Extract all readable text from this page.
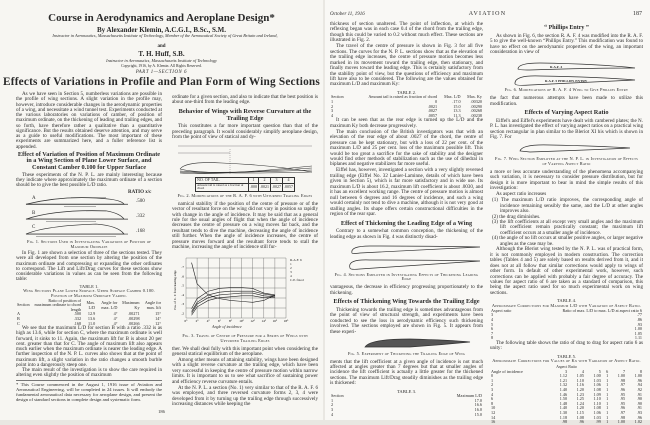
Course in Aerodynamics and Aeroplane Design*
By Alexander Klemin, A.C.G.I., B.Sc., S.M.
Instructor in Aeronautics, Massachusetts Institute of Technology, Member of the Aeronautical Society of Great Britain and Ireland,
and
T. H. Huff, S.B.
Instructor in Aeronautics, Massachusetts Institute of Technology
Copyright, 1916, by A. Klemin. All Rights Reserved.
PART 1—SECTION 6
Effects of Variations in Profile and Plan Form of Wing Sections

As we have seen in Section 5, numberless variations are possible in the profile of wing sections. A slight variation in the profile may, however, introduce considerable changes in the aerodynamic properties of a wing, and necessitate a wind tunnel test. Experiments conducted at the various laboratories on variations of camber, of position of maximum ordinate, on the thickening of leading and trailing edges, and so forth, have therefore rather a qualitative than a quantitative significance. But the results obtained deserve attention, and may serve as a guide to useful modifications. The most important of these experiments are summarized here, and a fuller reference list is appended.

Effect of Variation of Position of Maximum Ordinate in a Wing Section of Plane Lower Surface, and Constant Camber 0.100 for Upper Surface

These experiments of the N. P. L. are mainly interesting because they indicate where approximately the maximum ordinate of a section should be to give the best possible L/D ratio.

RATIO x/c
A
B
C
.500
.332
.168
Fig. 1. Sections Used in Investigating Variations of Position of Maximum Ordinate

In Fig. 1 are shown a selection of three of the sections tested. They were all developed from one section by altering the position of the maximum ordinate and compressing or expanding the other ordinates to correspond. The Lift and Lift/Drag curves for these sections show considerable variations in values as can be seen from the following table:

TABLE 1.
Wing Sections Plane Lower Surface. Upper Surface Camber 0.100. Position of Maximum Ordinate Varied.
Section	Ratio of position of maximum ordinate to chord length	Max. L/D	Angle for max. L/D	Maximum Ky	Angle for max. lift
A	.500	12.9	4°	.00271	15°
B	.332	13.6	4°	.00298	14°
C	.168	11.0	4°	.00266	12°

We see that the maximum L/D for section B with a ratio .332 is as high as 13.6, while for section C, where the maximum ordinate is well forward, it sinks to 11. Again, the maximum lift for B is about 20 per cent. greater than that for C. The angle of maximum lift also appears much earlier when the maximum ordinate is nearer the leading edge. A further inspection of the N. P. L. curves also shows that at the point of maximum lift, a slight variation in the ratio changes a smooth burble point into a dangerously steep one.

The main result of the investigation is to show the care required in altering even slightly the position of maximum

* This Course commenced in the August 1, 1916 issue of Aviation and Aeronautical Engineering, will be completed in 24 issues. It will embody the fundamental aeronautical data necessary for aeroplane design, and present the design of standard sections in complete design and systematic form.

ordinate for a given section, and also to indicate that the best position is about one-third from the leading edge.

Behavior of Wings with Reverse Curvature at the Trailing Edge

This constitutes a far more important question than that of the preceding paragraph. It would considerably simplify aeroplane design, from the point of view of statical and dy-

NO. OF TAIL	1	2	3	4
Amount tail is raised as a fraction of chord	.000	.0021	.0027	.0057
Fig. 2. Modifications of the R. A. F. 6 with Upturned Trailing Edges

namical stability if the position of the centre of pressure or of the vector of resultant force on the wing did not vary in position so rapidly with change in the angle of incidence. It may be said that as a general rule for the usual angles of flight that when the angle of incidence decreases the centre of pressure on a wing moves far back, and the resultant tends to dive the machine, decreasing the angle of incidence still further. When the angle of incidence increases, the centre of pressure moves forward and the resultant force tends to stall the machine, increasing the angle of incidence still fur-

0° 2° 4° 6° 8° 10° 12° 14° 16° 18°
.2
.3
.4
.5
.6
.7
Pos. of C. P. from leading edge
Angle of incidence
R.A.F. 6
1
2
3
4
C.P. fixed
Fig. 3. Travel of Centre of Pressure for a Series of Wings with Upturned Trailing Edges

ther. We shall deal fully with this important point when considering the general statical equilibrium of the aeroplane.

Among other means of attaining stability, wings have been designed with a slight reverse curvature at the trailing edge, which have been very successful in keeping the centre of pressure motion within narrow limits. It is important to us to see what sacrifice of sustaining power and efficiency reverse curvature entails.

At the N. P. L. a section (No. 1) very similar to that of the R. A. F. 6 was employed, and three reversed curvature forms 2, 3, 4 were developed from it by turning up the trailing edge through successively increasing distances while keeping the

186
October 11, 1916	AVIATION	187

thickness of section unaltered. The point of inflection, at which the reflexing began was in each case 0.4 of the chord from the trailing edge, though this could be varied to 0.2 without much effect. These sections are illustrated in Fig. 2.

The travel of the centre of pressure is shown in Fig. 3 for all five sections. The curves for the N. P. L. sections show that as the elevation of the trailing edge increases, the centre of pressure motion becomes less marked in its movement toward the trailing edge, then stationary, and finally moves toward the leading edge. This is certainly satisfactory from the stability point of view, but the questions of efficiency and maximum lift have also to be considered. The following are the values obtained for maximum L/D and maximum Ky:

TABLE 2.
Section	Amount tail is raised as fraction of chord	Max. L/D	Max. Ky
1	0	.17.0	.00320
2	.0021	15.0	.00290
3	.0027	13.3	.00268
4	.0057	11.3	.00238

It can be seen that as the rear edge is turned up the L/D and the maximum Ky both decrease progressively.

The main conclusion of the British investigators was that with an elevation of the rear edge of about .0027 of the chord, the centre of pressure can be kept stationary, but with a loss of 22 per cent. of the maximum L/D and 25 per cent. loss of the maximum possible lift. This would be too great a sacrifice for the sake of stability and the designer would find other methods of stabilization such as the use of dihedral in biplanes and negative stabilizers far more useful.

Eiffel has, however, investigated a section with a very slightly reversed trailing edge (Eiffel No. 32 Lanier-Laminne, details of which have been given in Section 5), which is far more satisfactory and in wide use. Its maximum L/D is about 16.2, maximum lift coefficient is about .0030, and it has an excellent working range. The centre of pressure motion is almost null between 6 degrees and 16 degrees of incidence, and such a wing would certainly not tend to dive a machine, although it is not very good at stalling angles. Its shape offers certain constructional difficulties in the region of the rear spar.

Effect of Thickening the Leading Edge of a Wing

Contrary to a somewhat common conception, the thickening of the leading edge as shown in Fig. 4 was distinctly disad-

Fig. 4. Sections Employed in Investigating Effects of Thickening Leading Edge

vantageous, the decrease in efficiency progressing proportionately to the thickening.

Effects of Thickening Wing Towards the Trailing Edge

Thickening towards the trailing edge is sometimes advantageous from the point of view of structural strength, and experiments have been conducted to see the loss in aerodynamic efficiency such thickening involved. The sections employed are shown in Fig. 5. It appears from these experi-

Fig. 5. Experiment of Thickening the Trailing Edge of Wing

ments that the lift coefficient at a given angle of incidence is not much affected at angles greater than 7 degrees but that at smaller angles of incidence the lift coefficient is actually a little greater for the thickened sections. The maximum Lift/Drag steadily diminishes as the trailing edge is thickened:

TABLE 3.
Section	Maximum L/D
1	17.0
2	16.6
3	16.0
4	15.0
“ Phillips Entry ”

As shown in Fig. 6, the section R. A. F. 4 was modified into the R. A. F. 5 to give the well-known “Phillips Entry.” This modification was found to have no effect on the aerodynamic properties of the wing, an important consideration in view of

R.A.F. 4
R.A.F. 5 PHILLIPS ENTRY
Fig. 6. Modifications of R. A. F. 4 Wing to Give Phillips Entry

the fact that numerous attempts have been made to utilize this modification.

Effects of Varying Aspect Ratio

Eiffel's and Eiffel's experiments have dealt with cambered plates; the N. P. L. has investigated the effect of varying aspect ratios on a practical wing section rectangular in plan similar to the Bleriot XI his which is shown in Fig. 7. For

Fig. 7. Wing Section Employed at the N. P. L. in Investigation of Effects of Varying Aspect Ratio

a more or less accurate understanding of the phenomena accompanying such variation, it is necessary to consider pressure distribution, but for design it is more important to bear in mind the simple results of this investigation:

As aspect ratio increases

(1) The maximum L/D ratio improves, the corresponding angle of incidence remaining sensibly the same, and the L/D at other angles improves also.
(2) the drag diminishes.
(3) the lift coefficients at all except very small angles and the maximum lift coefficient remain practically constant; the maximum lift coefficient occurs at a smaller angle of incidence.
(4) the angle of no lift occurs at smaller positive angles, or larger negative angles as the case may be.

Although the Bleriot wing tested by the N. P. L. was of practical form, it is not commonly employed in modern construction. The correction tables (Tables 4 and 5) are solely based on results derived from it, and it does not at all follow that similar corrections would apply to wings of other form. In default of other experimental work, however, such corrections can be applied with probably a fair degree of accuracy. The values for aspect ratio of 6 are taken as a standard of comparison, this being the aspect ratio used for so much experimental work on wing sections.

TABLE 4.
Approximate Corrections for Maximum L/D with Variation of Aspect Ratio.
Aspect ratio	Ratio of max. L/D to max. L/D at aspect ratio 6
3	.77
4	.86
5	.93
6	1.00
7	1.05
8	1.11

The following table shows the ratio of drag to drag for aspect ratio 6 as unity:

TABLE 5.
Approximate Corrections for Values of Kx with Variation of Aspect Ratio.
Aspect Ratio
Angle of incidence	3	4	5	6	7	8
0	1.12	1.05	1.00	1	1.00	1.00
1	1.21	1.10	1.03	1	.98	.96
2	1.32	1.16	1.06	1	.97	.94
3	1.40	1.20	1.08	1	.96	.92
4	1.46	1.23	1.09	1	.95	.91
6	1.50	1.25	1.10	1	.95	.90
8	1.48	1.24	1.10	1	.95	.90
10	1.40	1.20	1.08	1	.96	.91
12	1.30	1.15	1.06	1	.97	.93
14	1.18	1.08	1.03	1	.98	.96
16	.98	.96	.99	1	1.00	1.02
